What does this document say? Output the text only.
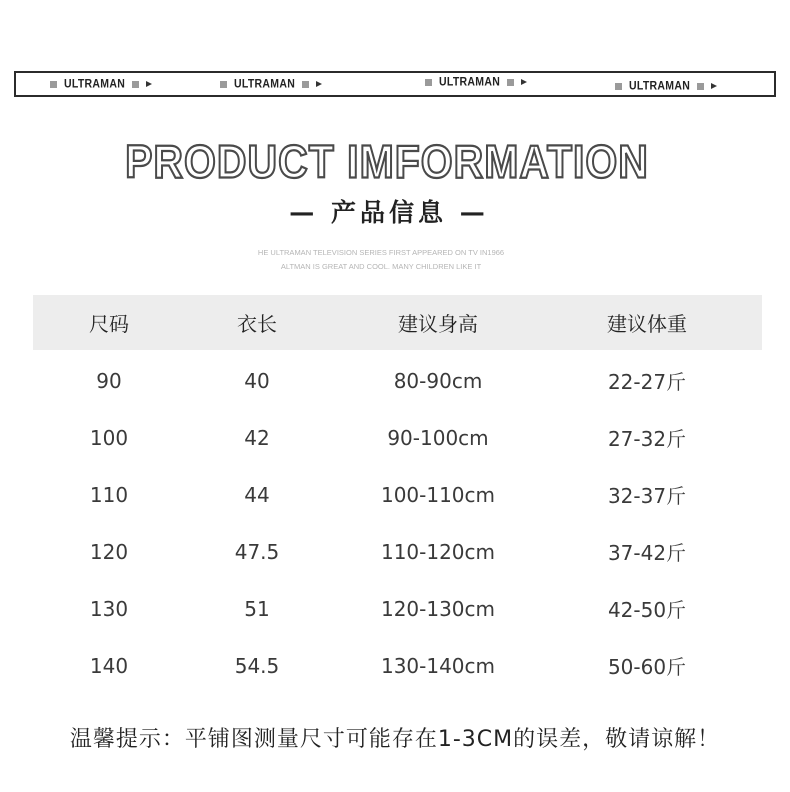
ULTRAMAN	ULTRAMAN	ULTRAMAN	ULTRAMAN
PRODUCT IMFORMATION
— 产品信息 —
HE ULTRAMAN TELEVISION SERIES FIRST APPEARED ON TV IN1966
ALTMAN IS GREAT AND COOL. MANY CHILDREN LIKE IT
尺码	衣长	建议身高	建议体重
90	40	80-90cm	22-27斤
100	42	90-100cm	27-32斤
110	44	100-110cm	32-37斤
120	47.5	110-120cm	37-42斤
130	51	120-130cm	42-50斤
140	54.5	130-140cm	50-60斤
温馨提示：平铺图测量尺寸可能存在1-3CM的误差，敬请谅解！
